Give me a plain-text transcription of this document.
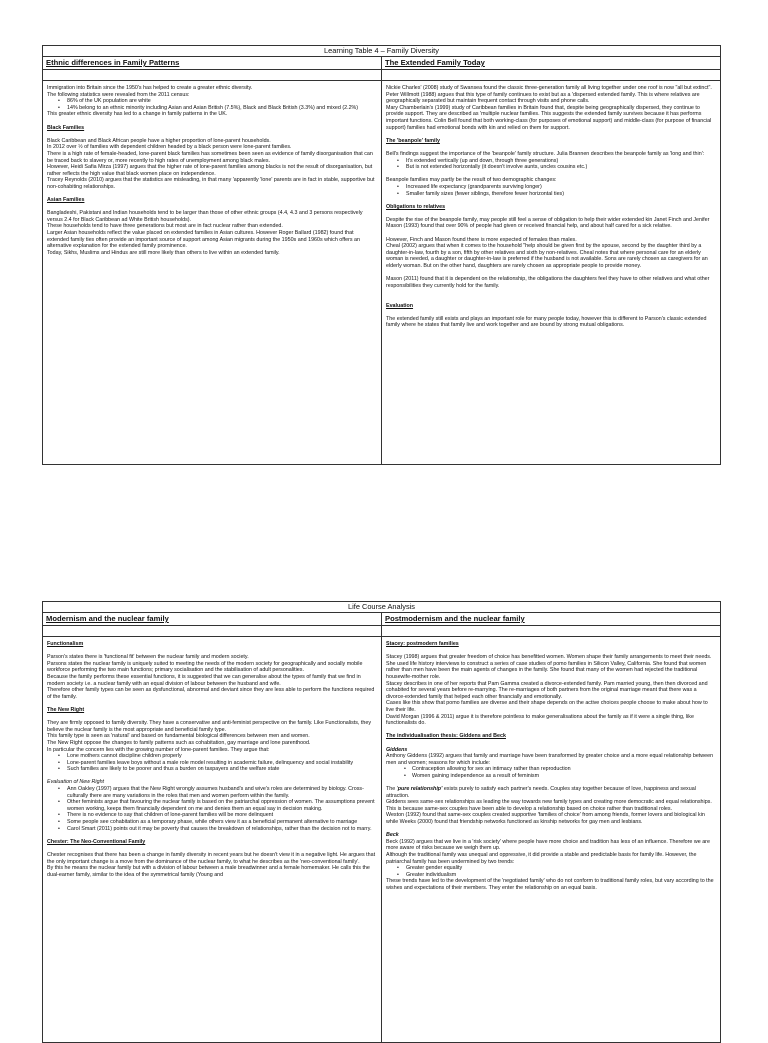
Learning Table 4 – Family Diversity
Ethnic differences in Family Patterns	The Extended Family Today

Immigration into Britain since the 1950's has helped to create a greater ethnic diversity.

The following statistics were revealed from the 2011 census:

• 86% of the UK population are white
• 14% belong to an ethnic minority including Asian and Asian British (7.5%), Black and Black British (3.3%) and mixed (2.2%)

This greater ethnic diversity has led to a change in family patterns in the UK.

Black Families

Black Caribbean and Black African people have a higher proportion of lone-parent households.

In 2012 over ½ of families with dependent children headed by a black person were lone-parent families.

There is a high rate of female-headed, lone-parent black families has sometimes been seen as evidence of family disorganisation that can be traced back to slavery or, more recently to high rates of unemployment among black males.

However, Heidi Safia Mirza (1997) argues that the higher rate of lone-parent families among blacks is not the result of disorganisation, but rather reflects the high value that black women place on independence.

Tracey Reynolds (2010) argues that the statistics are misleading, in that many 'apparently 'lone' parents are in fact in stable, supportive but non-cohabiting relationships.

Asian Families

Bangladeshi, Pakistani and Indian households tend to be larger than those of other ethnic groups (4.4, 4.3 and 3 persons respectively versus 2.4 for Black Caribbean ad White British households).

These households tend to have three generations but most are in fact nuclear rather than extended.

Larger Asian households reflect the value placed on extended families in Asian cultures. However Roger Ballard (1982) found that extended family ties often provide an important source of support among Asian migrants during the 1950s and 1960s which offers an alternative explanation for the extended family prominence.

Today, Sikhs, Muslims and Hindus are still more likely than others to live within an extended family.

Nickie Charles' (2008) study of Swansea found the classic three-generation family all living together under one roof is now "all but extinct".

Peter Willmott (1988) argues that this type of family continues to exist but as a 'dispersed extended family. This is where relatives are geographically separated but maintain frequent contact through visits and phone calls.

Mary Chamberlain's (1999) study of Caribbean families in Britain found that, despite being geographically dispersed, they continue to provide support. They are described as 'multiple nuclear families. This suggests the extended family survives because it has performs important functions. Colin Bell found that both working-class (for purposes of emotional support) and middle-class (for purpose of financial support) families had emotional bonds with kin and relied on them for support.

The 'beanpole' family

Bell's findings suggest the importance of the 'beanpole' family structure. Julia Brannen describes the beanpole family as 'long and thin':

• It's extended vertically (up and down, through three generations)
• But is not extended horizontally (it doesn't involve aunts, uncles cousins etc.)

Beanpole families may partly be the result of two demographic changes:

• Increased life expectancy (grandparents surviving longer)
• Smaller family sizes (fewer siblings, therefore fewer horizontal ties)
Obligations to relatives

Despite the rise of the beanpole family, may people still feel a sense of obligation to help their wider extended kin Janet Finch and Jenifer Mason (1993) found that over 90% of people had given or received financial help, and about half cared for a sick relative.

However, Finch and Mason found there is more expected of females than males.

Cheal (2002) argues that when it comes to the household "help should be given first by the spouse, second by the daughter third by a daughter-in-law, fourth by a son, fifth by other relatives and sixth by non-relatives. Cheal notes that where personal care for an elderly woman is needed, a daughter or daughter-in-law is preferred if the husband is not available. Sons are rarely chosen as caregivers for an elderly woman. But on the other hand, daughters are rarely chosen as appropriate people to provide money.

Mason (2011) found that it is dependent on the relationship, the obligations the daughters feel they have to other relatives and what other responsibilities they currently hold for the family.

Evaluation

The extended family still exists and plays an important role for many people today, however this is different to Parson's classic extended family where he states that family live and work together and are bound by strong mutual obligations.

Life Course Analysis
Modernism and the nuclear family	Postmodernism and the nuclear family
Functionalism

Parson's states there is 'functional fit' between the nuclear family and modern society.

Parsons states the nuclear family is uniquely suited to meeting the needs of the modern society for geographically and socially mobile workforce performing the two main functions; primary socialisation and the stabilisation of adult personalities.

Because the family performs these essential functions, it is suggested that we can generalise about the types of family that we find in modern society i.e. a nuclear family with an equal division of labour between the husband and wife.

Therefore other family types can be seen as dysfunctional, abnormal and deviant since they are less able to perform the functions required of the family.

The New Right

They are firmly opposed to family diversity. They have a conservative and anti-feminist perspective on the family. Like Functionalists, they believe the nuclear family is the most appropriate and beneficial family type.

This family type is seen as 'natural' and based on fundamental biological differences between men and women.

The New Right oppose the changes to family patterns such as cohabitation, gay marriage and lone parenthood.

In particular the concern lies with the growing number of lone-parent families. They argue that:

• Lone mothers cannot discipline children properly
• Lone-parent families leave boys without a male role model resulting in academic failure, delinquency and social instability
• Such families are likely to be poorer and thus a burden on taxpayers and the welfare state

Evaluation of New Right

• Ann Oakley (1997) argues that the New Right wrongly assumes husband's and wive's roles are determined by biology. Cross-culturally there are many variations in the roles that men and women perform within the family.
• Other feminists argue that favouring the nuclear family is based on the patriarchal oppression of women. The assumptions prevent women working, keeps them financially dependent on me and denies them an equal say in decision making.
• There is no evidence to say that children of lone-parent families will be more delinquent
• Some people see cohabitation as a temporary phase, while others view it as a beneficial permanent alternative to marriage
• Carol Smart (2011) points out it may be poverty that causes the breakdown of relationships, rather than the decision not to marry.
Chester: The Neo-Conventional Family

Chester recognises that there has been a change in family diversity in recent years but he doesn't view it in a negative light. He argues that the only important change is a move from the dominance of the nuclear family, to what he describes as the 'neo-conventional family'.

By this he means the nuclear family but with a division of labour between a male breadwinner and a female homemaker. He calls this the dual-earner family, similar to the idea of the symmetrical family (Young and

Stacey: postmodern families

Stacey (1998) argues that greater freedom of choice has benefitted women. Women shape their family arrangements to meet their needs.

She used life history interviews to construct a series of case studies of pomo families in Silicon Valley, California. She found that women rather than men have been the main agents of changes in the family. She found that many of the women had rejected the traditional housewife-mother role.

Stacey describes in one of her reports that Pam Gamma created a divorce-extended family. Pam married young, then then divorced and cohabited for several years before re-marrying. The re-marriages of both partners from the original marriage meant that there was a divorce-extended family that helped each other financially and emotionally.

Cases like this show that pomo families are diverse and their shape depends on the active choices people choose to make about how to live their life.

David Morgan (1996 & 2011) argue it is therefore pointless to make generalisations about the family as if it were a single thing, like functionalists do.

The individualisation thesis: Giddens and Beck
Giddens

Anthony Giddens (1992) argues that family and marriage have been transformed by greater choice and a more equal relationship between men and women; reasons for which include:

• Contraception allowing for sex an intimacy rather than reproduction
• Women gaining independence as a result of feminism

The 'pure relationship' exists purely to satisfy each partner's needs. Couples stay together because of love, happiness and sexual attraction.

Giddens sees same-sex relationships as leading the way towards new family types and creating more democratic and equal relationships. This is because same-sex couples have been able to develop a relationship based on choice rather than traditional roles.

Weston (1992) found that same-sex couples created supportive 'families of choice' from among friends, former lovers and biological kin while Weeks (2000) found that friendship networks functioned as kinship networks for gay men and lesbians.

Beck

Beck (1992) argues that we live in a 'risk society' where people have more choice and tradition has less of an influence. Therefore we are more aware of risks because we weigh them up.

Although the traditional family was unequal and oppressive, it did provide a stable and predictable basis for family life. However, the patriarchal family has been undermined by two trends:

• Greater gender equality
• Greater individualism

These trends have led to the development of the 'negotiated family' who do not conform to traditional family roles, but vary according to the wishes and expectations of their members. They enter the relationship on an equal basis.
